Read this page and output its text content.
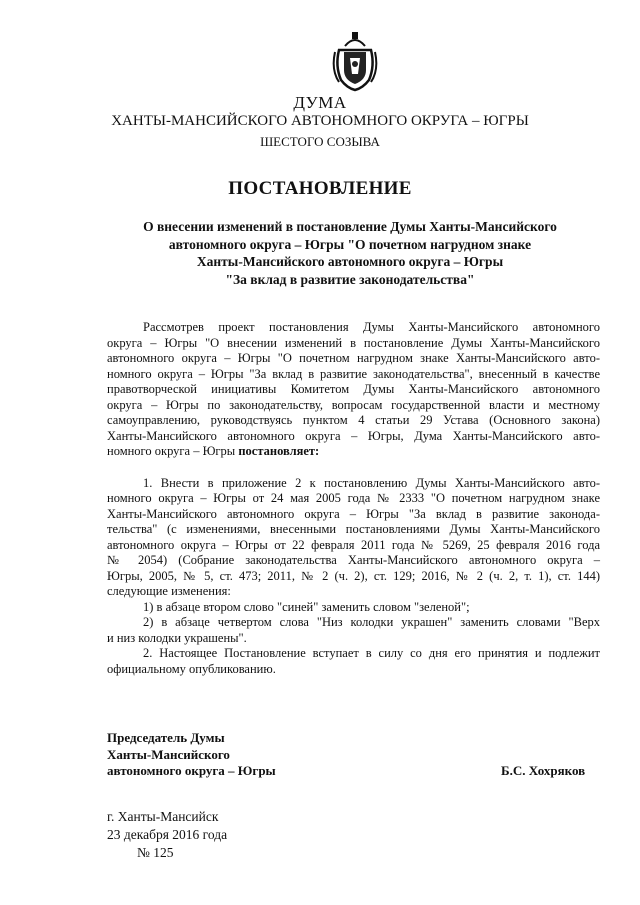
ДУМА
ХАНТЫ-МАНСИЙСКОГО АВТОНОМНОГО ОКРУГА – ЮГРЫ
ШЕСТОГО СОЗЫВА
ПОСТАНОВЛЕНИЕ
О внесении изменений в постановление Думы Ханты-Мансийского
автономного округа – Югры "О почетном нагрудном знаке
Ханты-Мансийского автономного округа – Югры
"За вклад в развитие законодательства"
Рассмотрев проект постановления Думы Ханты-Мансийского автономного
округа – Югры "О внесении изменений в постановление Думы Ханты-Мансийского
автономного округа – Югры "О почетном нагрудном знаке Ханты-Мансийского авто-
номного округа – Югры "За вклад в развитие законодательства", внесенный в качестве
правотворческой инициативы Комитетом Думы Ханты-Мансийского автономного
округа – Югры по законодательству, вопросам государственной власти и местному
самоуправлению, руководствуясь пунктом 4 статьи 29 Устава (Основного закона)
Ханты-Мансийского автономного округа – Югры, Дума Ханты-Мансийского авто-
номного округа – Югры постановляет:
1. Внести в приложение 2 к постановлению Думы Ханты-Мансийского авто-
номного округа – Югры от 24 мая 2005 года № 2333 "О почетном нагрудном знаке
Ханты-Мансийского автономного округа – Югры "За вклад в развитие законода-
тельства" (с изменениями, внесенными постановлениями Думы Ханты-Мансийского
автономного округа – Югры от 22 февраля 2011 года № 5269, 25 февраля 2016 года
№ 2054) (Собрание законодательства Ханты-Мансийского автономного округа –
Югры, 2005, № 5, ст. 473; 2011, № 2 (ч. 2), ст. 129; 2016, № 2 (ч. 2, т. 1), ст. 144)
следующие изменения:
1) в абзаце втором слово "синей" заменить словом "зеленой";
2) в абзаце четвертом слова "Низ колодки украшен" заменить словами "Верх
и низ колодки украшены".
2. Настоящее Постановление вступает в силу со дня его принятия и подлежит
официальному опубликованию.
Председатель Думы
Ханты-Мансийского
автономного округа – Югры	Б.С. Хохряков
г. Ханты-Мансийск
23 декабря 2016 года
№ 125
